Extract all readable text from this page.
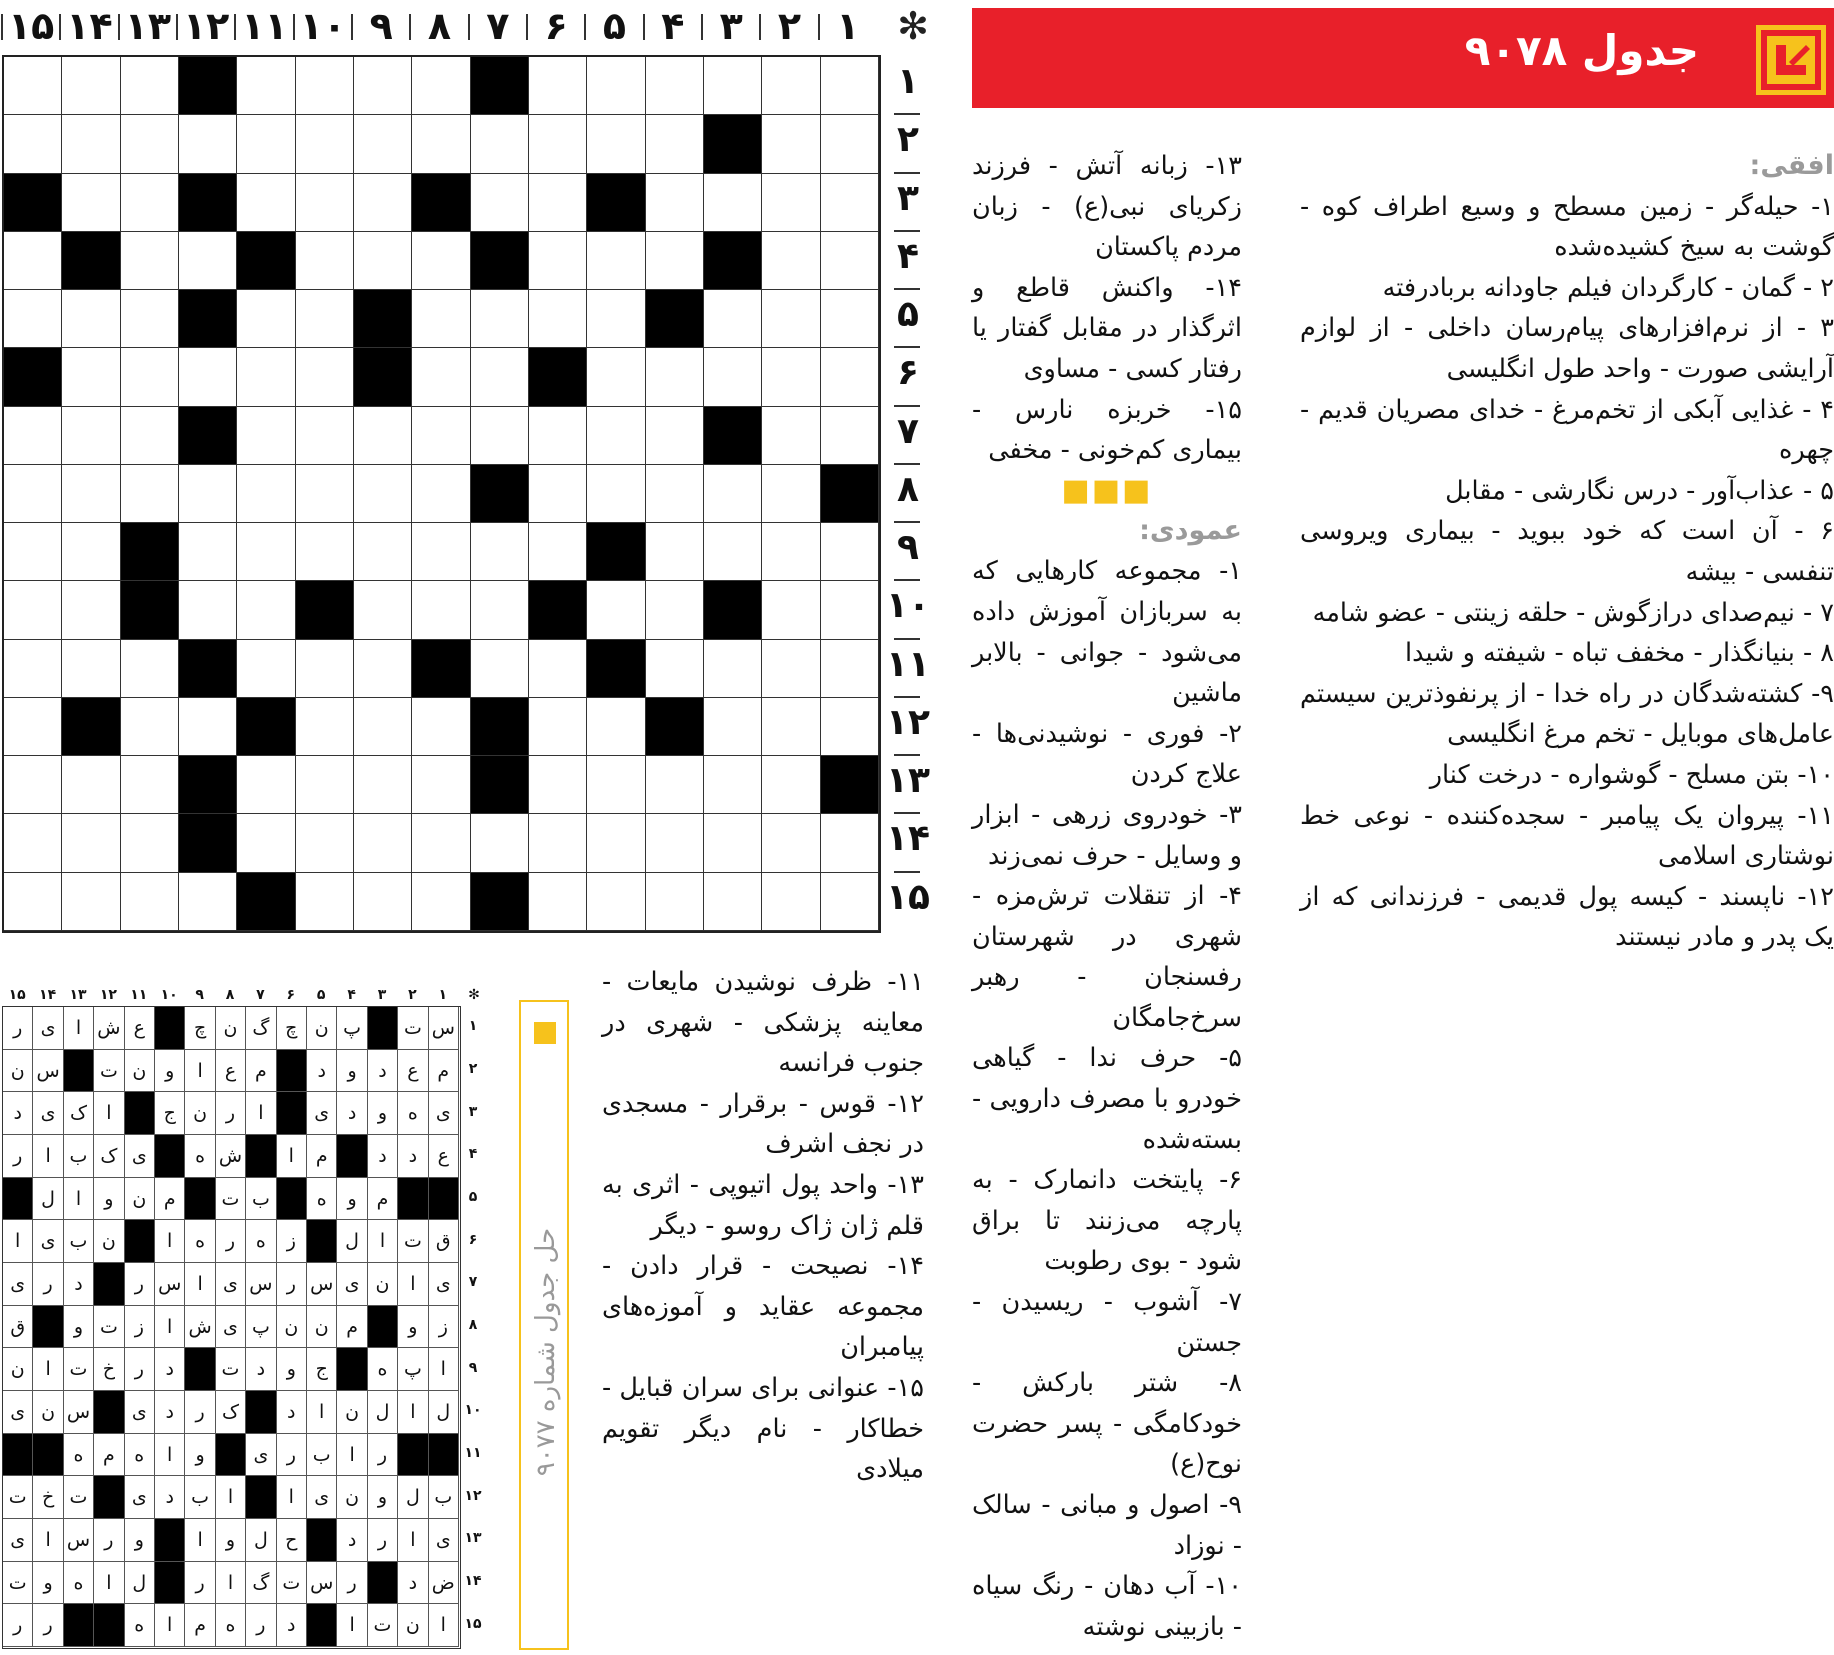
✻
۱
۲
۳
۴
۵
۶
۷
۸
۹
۱۰
۱۱
۱۲
۱۳
۱۴
۱۵
۱
۲
۳
۴
۵
۶
۷
۸
۹
۱۰
۱۱
۱۲
۱۳
۱۴
۱۵
جدول ۹۰۷۸

افقی:

۱- حیله‌گر - زمین مسطح و وسیع اطراف کوه - گوشت به سیخ کشیده‌شده

۲ - گمان - کارگردان فیلم جاودانه بربادرفته

۳ - از نرم‌افزارهای پیام‌رسان داخلی - از لوازم آرایشی صورت - واحد طول انگلیسی

۴ - غذایی آبکی از تخم‌مرغ - خدای مصریان قدیم - چهره

۵ - عذاب‌آور - درس نگارشی - مقابل

۶ - آن است که خود ببوید - بیماری ویروسی تنفسی - بیشه

۷ - نیم‌صدای درازگوش - حلقه زینتی - عضو شامه

۸ - بنیانگذار - مخفف تباه - شیفته و شیدا

۹- کشته‌شدگان در راه خدا - از پرنفوذترین سیستم عامل‌های موبایل - تخم مرغ انگلیسی

۱۰- بتن مسلح - گوشواره - درخت کنار

۱۱- پیروان یک پیامبر - سجده‌کننده - نوعی خط نوشتاری اسلامی

۱۲- ناپسند - کیسه پول قدیمی - فرزندانی که از یک پدر و مادر نیستند

۱۳- زبانه آتش - فرزند زکریای نبی(ع) - زبان مردم پاکستان

۱۴- واکنش قاطع و اثرگذار در مقابل گفتار یا رفتار کسی - مساوی

۱۵- خربزه نارس - بیماری کم‌خونی - مخفی

■■■

عمودی:

۱- مجموعه کارهایی که به سربازان آموزش داده می‌شود - جوانی - بالابر ماشین

۲- فوری - نوشیدنی‌ها - علاج کردن

۳- خودروی زرهی - ابزار و وسایل - حرف نمی‌زند

۴- از تنقلات ترش‌مزه - شهری در شهرستان رفسنجان - رهبر سرخ‌جامگان

۵- حرف ندا - گیاهی خودرو با مصرف دارویی - بسته‌شده

۶- پایتخت دانمارک - به پارچه می‌زنند تا براق شود - بوی رطوبت

۷- آشوب - ریسیدن - جستن

۸- شتر بارکش - خودکامگی - پسر حضرت نوح(ع)

۹- اصول و مبانی - سالک - نوزاد

۱۰- آب دهان - رنگ سیاه - بازبینی نوشته

۱۱- ظرف نوشیدن مایعات - معاینه پزشکی - شهری در جنوب فرانسه

۱۲- قوس - برقرار - مسجدی در نجف اشرف

۱۳- واحد پول اتیوپی - اثری به قلم ژان ژاک روسو - دیگر

۱۴- نصیحت - قرار دادن - مجموعه عقاید و آموزه‌های پیامبران

۱۵- عنوانی برای سران قبایل - خطاکار - نام دیگر تقویم میلادی

حل جدول شماره ۹۰۷۷
✻
۱
۲
۳
۴
۵
۶
۷
۸
۹
۱۰
۱۱
۱۲
۱۳
۱۴
۱۵
س
ت
پ
ن
چ
گ
ن
چ
ع
ش
ا
ی
ر
م
ع
د
و
د
م
ع
ا
و
ن
ت
س
ن
ی
ه
و
د
ی
ا
ر
ن
ج
ا
ک
ی
د
ع
د
د
م
ا
ش
ه
ی
ک
ب
ا
ر
م
و
ه
ب
ت
م
ن
و
ا
ل
ق
ت
ا
ل
ز
ه
ر
ه
ا
ن
ب
ی
ا
ی
ا
ن
ی
س
ر
س
ی
ا
س
ر
د
ر
ی
ز
و
م
ن
ن
پ
ی
ش
ا
ز
ت
و
ق
ا
پ
ه
ج
و
د
ت
د
ر
خ
ت
ا
ن
ل
ا
ل
ن
ا
د
ک
ر
د
ی
س
ن
ی
ر
ا
ب
ر
ی
و
ا
ه
م
ه
ب
ل
و
ن
ی
ا
ا
ب
د
ی
ت
خ
ت
ی
ا
ر
د
ح
ل
و
ا
و
ر
س
ا
ی
ض
د
ر
س
ت
گ
ا
ر
ل
ا
ه
و
ت
ا
ن
ت
ا
د
ر
ه
م
ا
ه
ر
ر
۱
۲
۳
۴
۵
۶
۷
۸
۹
۱۰
۱۱
۱۲
۱۳
۱۴
۱۵
